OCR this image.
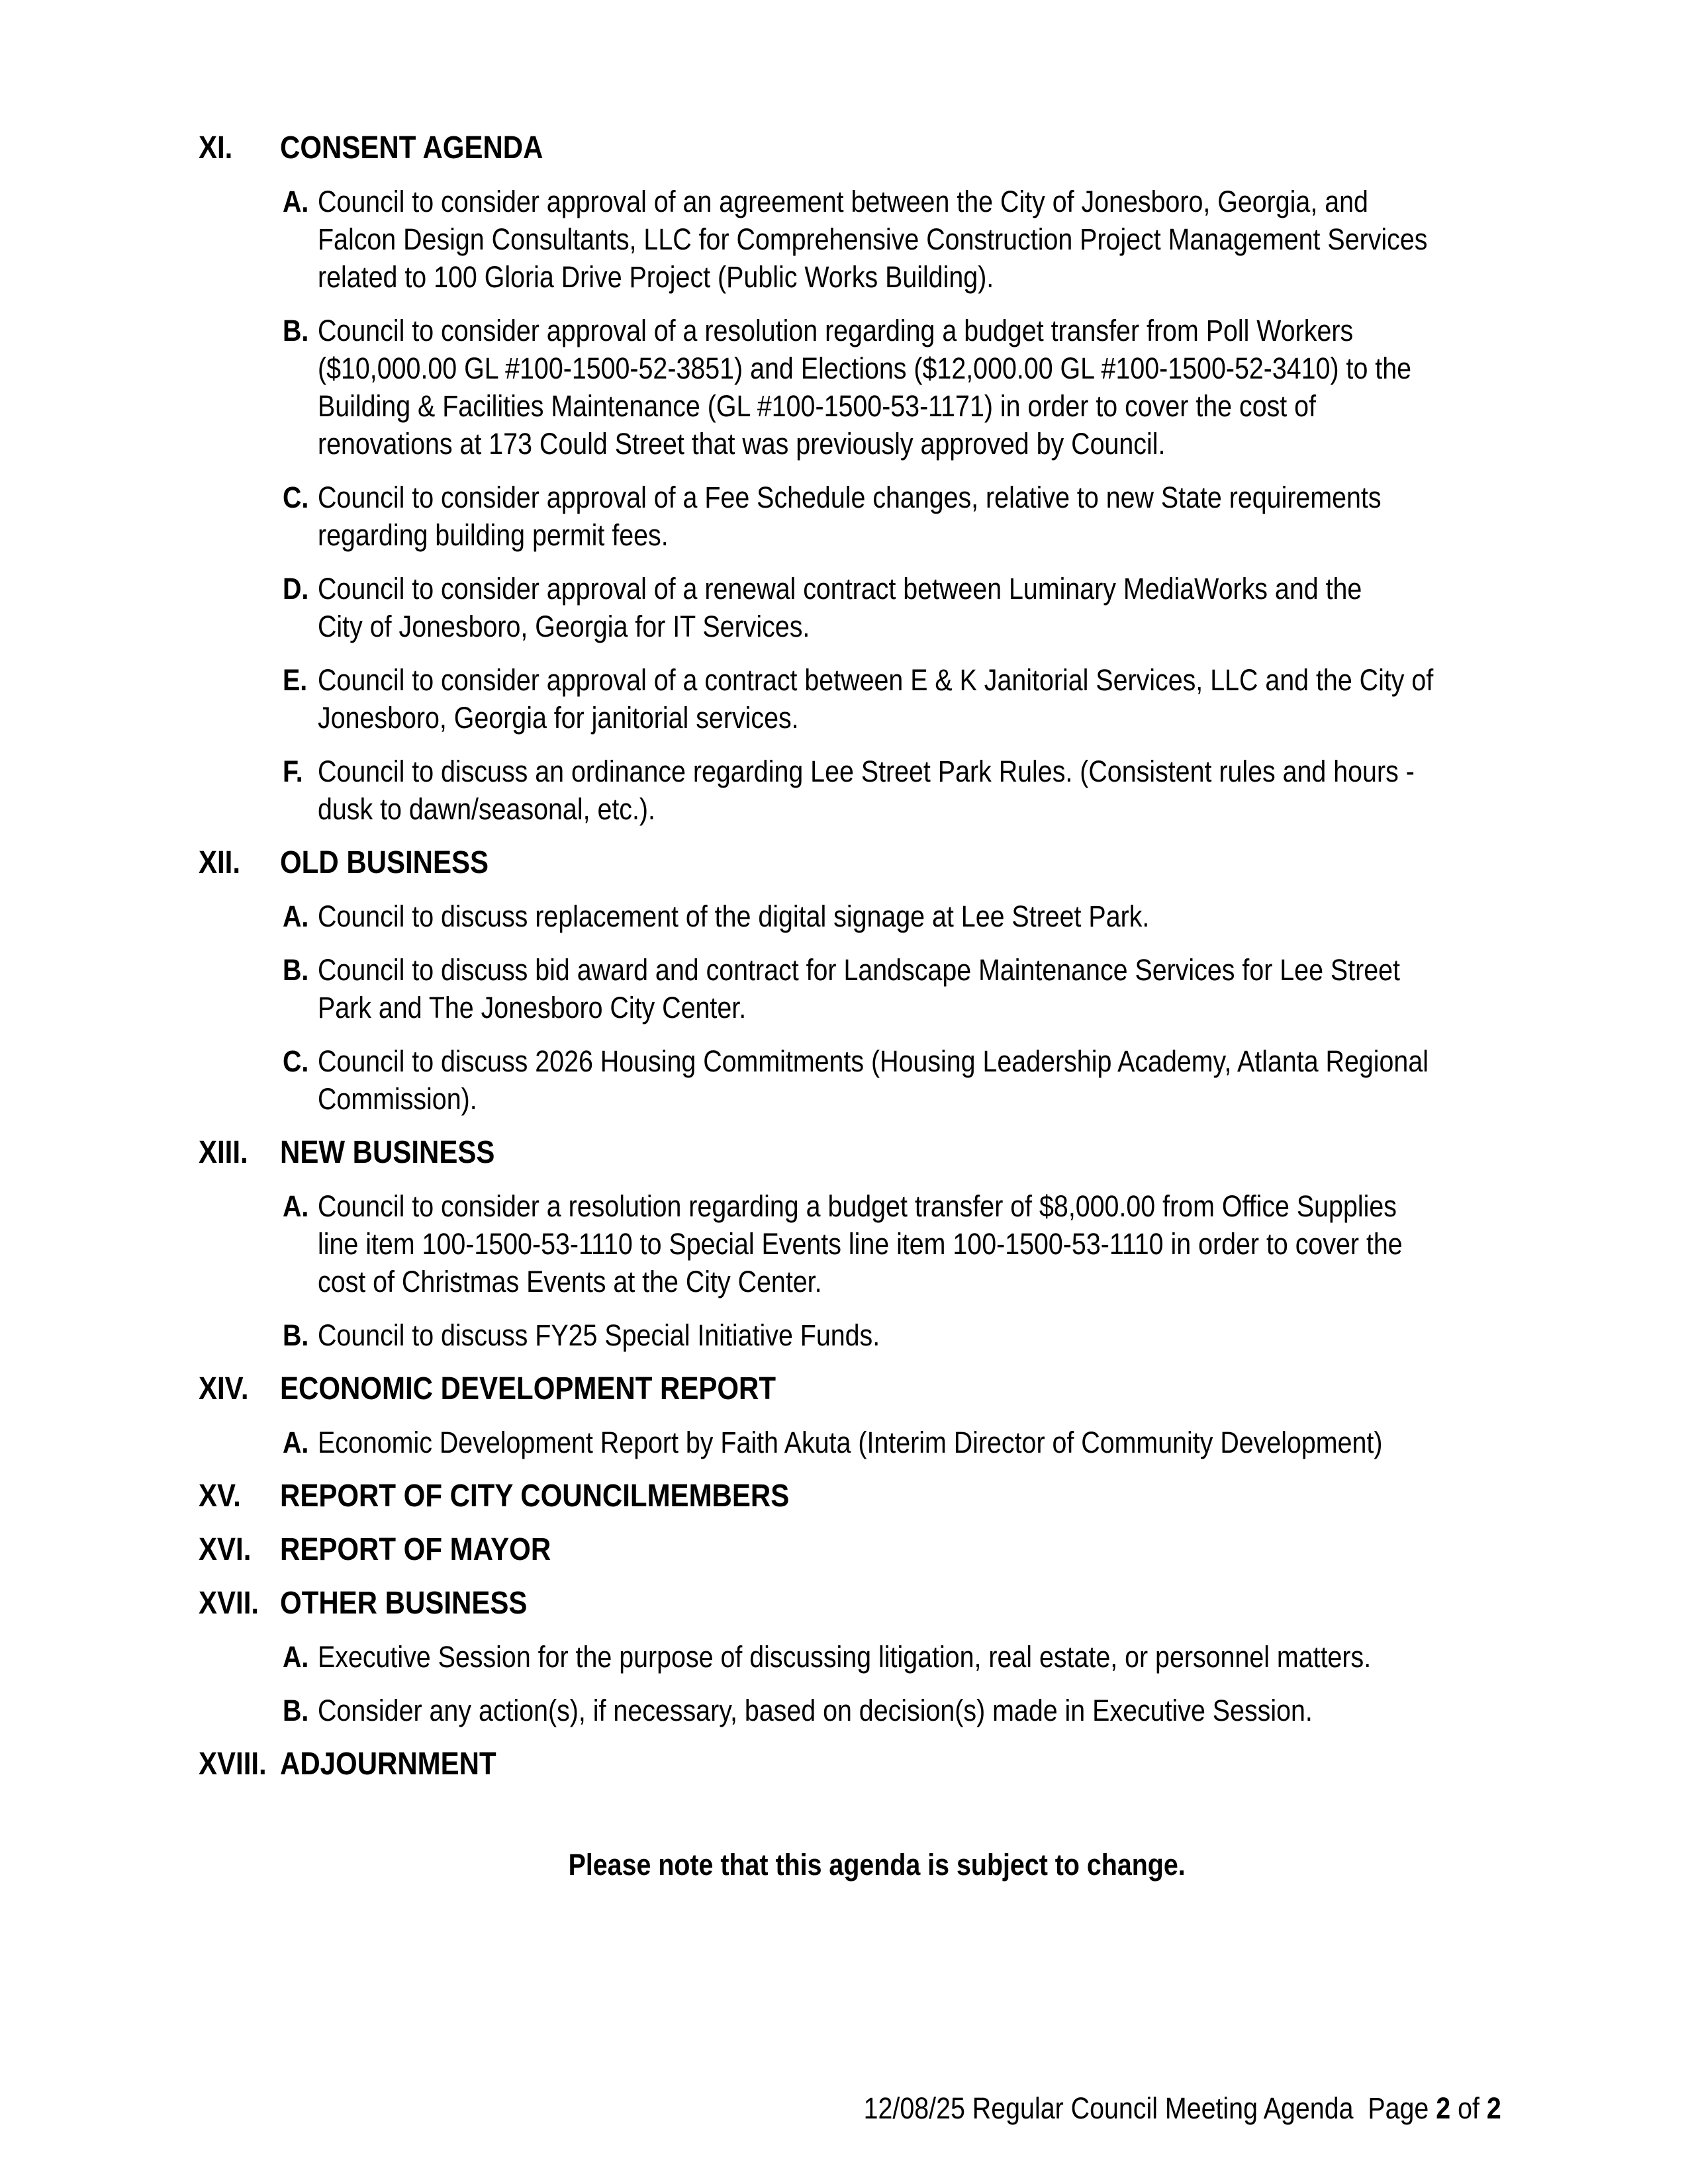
XI. CONSENT AGENDA
A. Council to consider approval of an agreement between the City of Jonesboro, Georgia, and
Falcon Design Consultants, LLC for Comprehensive Construction Project Management Services
related to 100 Gloria Drive Project (Public Works Building).
B. Council to consider approval of a resolution regarding a budget transfer from Poll Workers
($10,000.00 GL #100-1500-52-3851) and Elections ($12,000.00 GL #100-1500-52-3410) to the
Building & Facilities Maintenance (GL #100-1500-53-1171) in order to cover the cost of
renovations at 173 Could Street that was previously approved by Council.
C. Council to consider approval of a Fee Schedule changes, relative to new State requirements
regarding building permit fees.
D. Council to consider approval of a renewal contract between Luminary MediaWorks and the
City of Jonesboro, Georgia for IT Services.
E. Council to consider approval of a contract between E & K Janitorial Services, LLC and the City of
Jonesboro, Georgia for janitorial services.
F. Council to discuss an ordinance regarding Lee Street Park Rules. (Consistent rules and hours -
dusk to dawn/seasonal, etc.).
XII. OLD BUSINESS
A. Council to discuss replacement of the digital signage at Lee Street Park.
B. Council to discuss bid award and contract for Landscape Maintenance Services for Lee Street
Park and The Jonesboro City Center.
C. Council to discuss 2026 Housing Commitments (Housing Leadership Academy, Atlanta Regional
Commission).
XIII. NEW BUSINESS
A. Council to consider a resolution regarding a budget transfer of $8,000.00 from Office Supplies
line item 100-1500-53-1110 to Special Events line item 100-1500-53-1110 in order to cover the
cost of Christmas Events at the City Center.
B. Council to discuss FY25 Special Initiative Funds.
XIV. ECONOMIC DEVELOPMENT REPORT
A. Economic Development Report by Faith Akuta (Interim Director of Community Development)
XV. REPORT OF CITY COUNCILMEMBERS
XVI. REPORT OF MAYOR
XVII. OTHER BUSINESS
A. Executive Session for the purpose of discussing litigation, real estate, or personnel matters.
B. Consider any action(s), if necessary, based on decision(s) made in Executive Session.
XVIII. ADJOURNMENT
Please note that this agenda is subject to change.

12/08/25 Regular Council Meeting Agenda  Page 2 of 2
